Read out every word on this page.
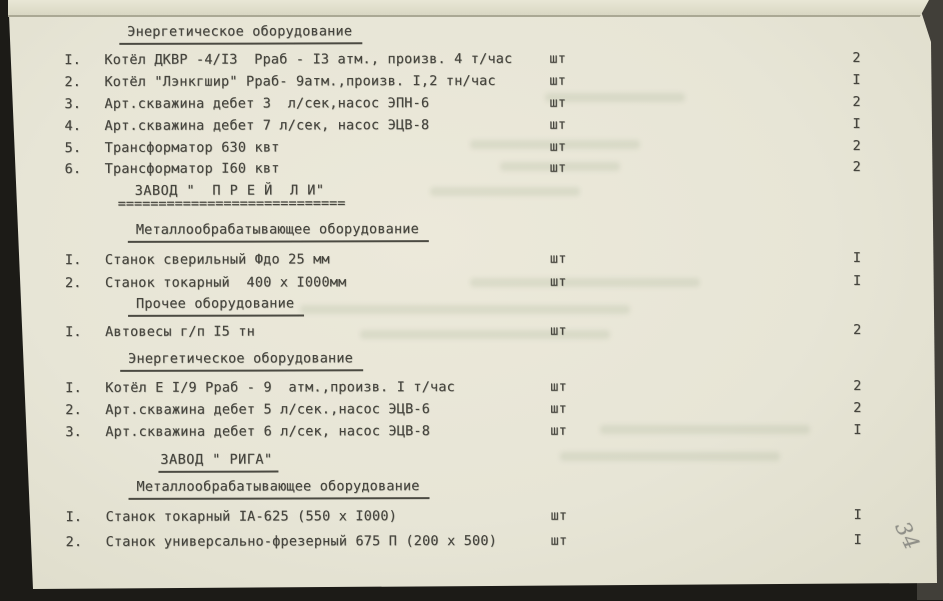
Энергетическое оборудование
I. Котёл ДКВР -4/I3  Рраб - I3 атм., произв. 4 т/час	шт	2
2. Котёл "Лэнкгшир" Рраб- 9атм.,произв. I,2 тн/час	шт	I
3. Арт.скважина дебет 3  л/сек,насос ЭПН-6	шт	2
4. Арт.скважина дебет 7 л/сек, насос ЭЦВ-8	шт	I
5. Трансформатор 630 квт	шт	2
6. Трансформатор I60 квт	шт	2
ЗАВОД "  П Р Е Й  Л И"
============================
Металлообрабатывающее оборудование
I. Станок сверильный Фдо 25 мм	шт	I
2. Станок токарный  400 х I000мм	шт	I
Прочее оборудование
I. Автовесы г/п I5 тн	шт	2
Энергетическое оборудование
I. Котёл Е I/9 Рраб - 9  атм.,произв. I т/час	шт	2
2. Арт.скважина дебет 5 л/сек.,насос ЭЦВ-6	шт	2
3. Арт.скважина дебет 6 л/сек, насос ЭЦВ-8	шт	I
ЗАВОД " РИГА"
Металлообрабатывающее оборудование
I. Станок токарный IА-625 (550 х I000)	шт	I
2. Станок универсально-фрезерный 675 П (200 х 500)	шт	I 34
